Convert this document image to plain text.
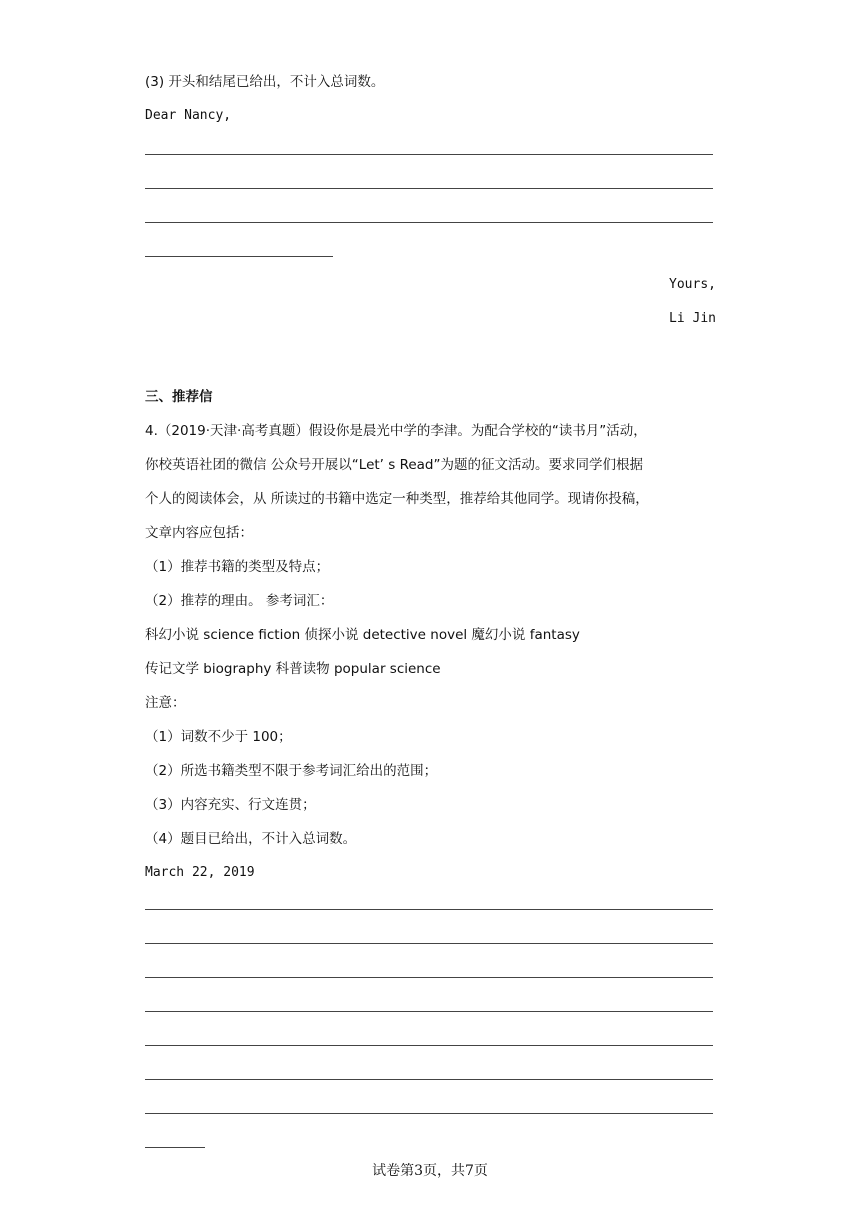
(3) 开头和结尾已给出，不计入总词数。
Dear Nancy,
Yours,
Li Jin
三、推荐信
4.（2019·天津·高考真题）假设你是晨光中学的李津。为配合学校的“读书月”活动，
你校英语社团的微信 公众号开展以“Let’ s Read”为题的征文活动。要求同学们根据
个人的阅读体会，从 所读过的书籍中选定一种类型，推荐给其他同学。现请你投稿，
文章内容应包括：
（1）推荐书籍的类型及特点；
（2）推荐的理由。 参考词汇：
科幻小说 science fiction 侦探小说 detective novel 魔幻小说 fantasy
传记文学 biography 科普读物 popular science
注意：
（1）词数不少于 100；
（2）所选书籍类型不限于参考词汇给出的范围；
（3）内容充实、行文连贯；
（4）题目已给出，不计入总词数。
March 22, 2019
试卷第3页，共7页
